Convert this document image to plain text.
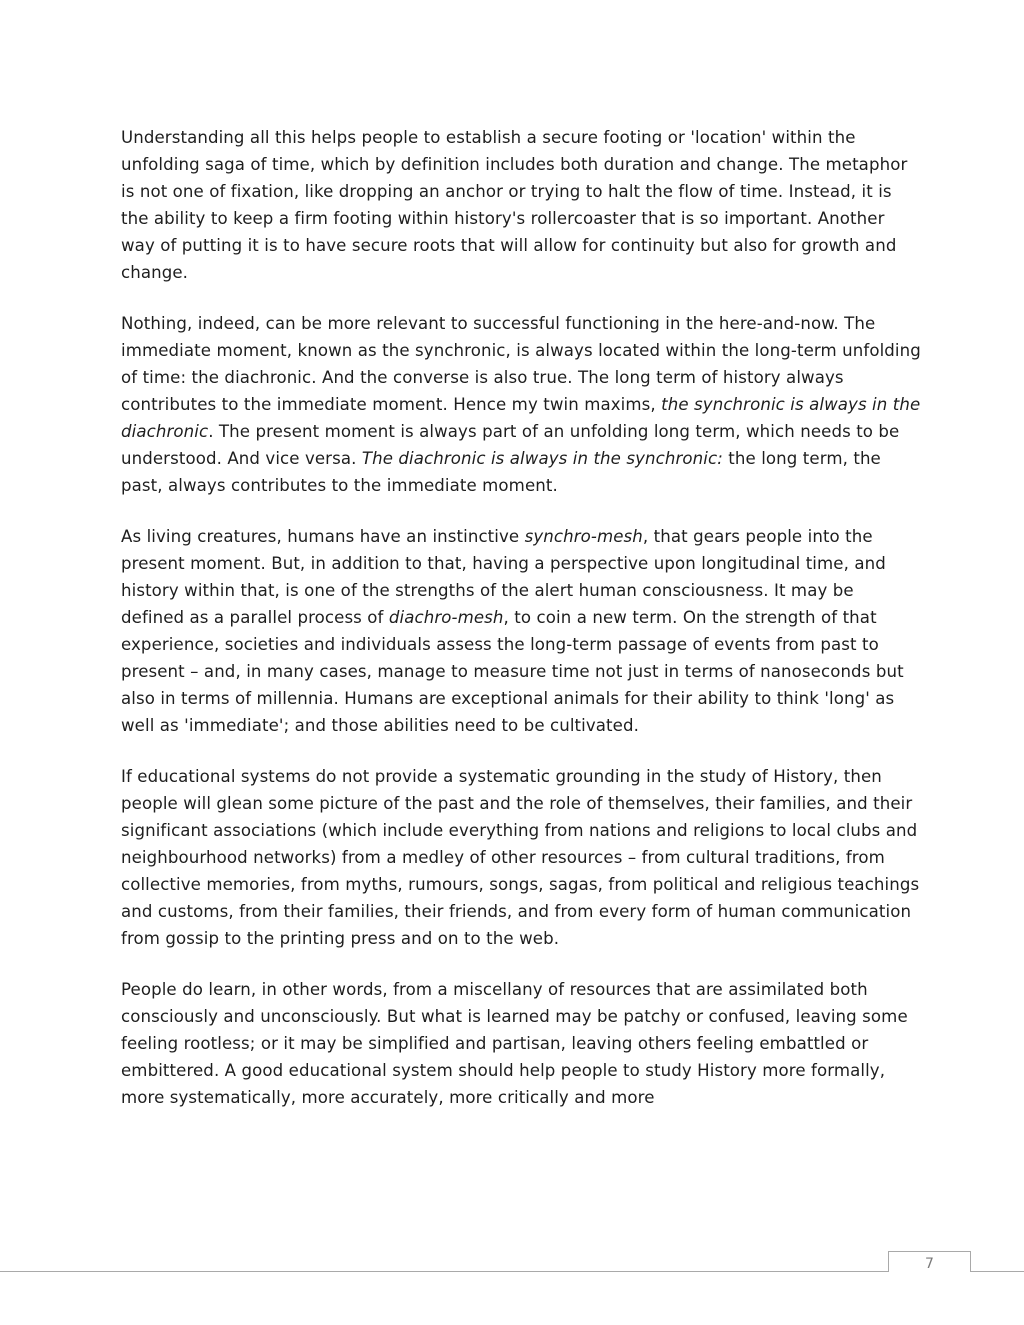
Understanding all this helps people to establish a secure footing or 'location' within the unfolding saga of time, which by definition includes both duration and change. The metaphor is not one of fixation, like dropping an anchor or trying to halt the flow of time. Instead, it is the ability to keep a firm footing within history's rollercoaster that is so important. Another way of putting it is to have secure roots that will allow for continuity but also for growth and change.

Nothing, indeed, can be more relevant to successful functioning in the here-and-now. The immediate moment, known as the synchronic, is always located within the long-term unfolding of time: the diachronic. And the converse is also true. The long term of history always contributes to the immediate moment. Hence my twin maxims, the synchronic is always in the diachronic. The present moment is always part of an unfolding long term, which needs to be understood. And vice versa. The diachronic is always in the synchronic: the long term, the past, always contributes to the immediate moment.

As living creatures, humans have an instinctive synchro-mesh, that gears people into the present moment. But, in addition to that, having a perspective upon longitudinal time, and history within that, is one of the strengths of the alert human consciousness. It may be defined as a parallel process of diachro-mesh, to coin a new term. On the strength of that experience, societies and individuals assess the long-term passage of events from past to present – and, in many cases, manage to measure time not just in terms of nanoseconds but also in terms of millennia. Humans are exceptional animals for their ability to think 'long' as well as 'immediate'; and those abilities need to be cultivated.

If educational systems do not provide a systematic grounding in the study of History, then people will glean some picture of the past and the role of themselves, their families, and their significant associations (which include everything from nations and religions to local clubs and neighbourhood networks) from a medley of other resources – from cultural traditions, from collective memories, from myths, rumours, songs, sagas, from political and religious teachings and customs, from their families, their friends, and from every form of human communication from gossip to the printing press and on to the web.

People do learn, in other words, from a miscellany of resources that are assimilated both consciously and unconsciously. But what is learned may be patchy or confused, leaving some feeling rootless; or it may be simplified and partisan, leaving others feeling embattled or embittered. A good educational system should help people to study History more formally, more systematically, more accurately, more critically and more

7
